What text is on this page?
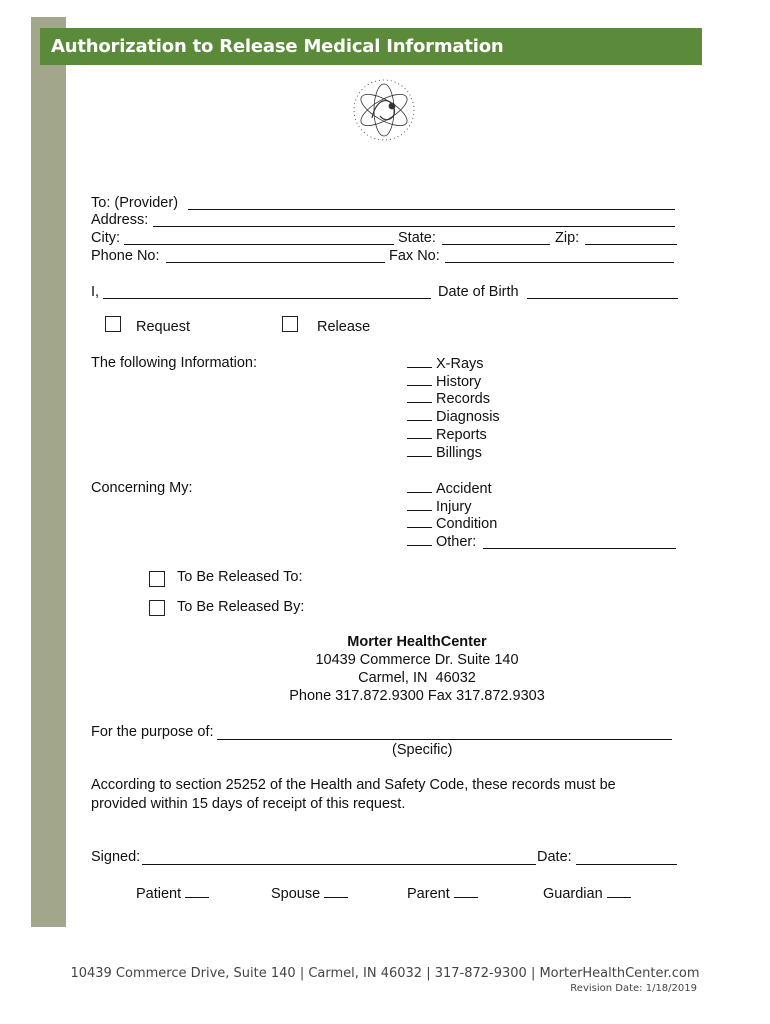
Authorization to Release Medical Information
To: (Provider)
Address:
City:	State:	Zip:
Phone No:	Fax No:
I,	Date of Birth
Request	Release
The following Information:	X-Rays
History
Records
Diagnosis
Reports
Billings
Concerning My:	Accident
Injury
Condition
Other:
To Be Released To:
To Be Released By:
Morter HealthCenter
10439 Commerce Dr. Suite 140
Carmel, IN  46032
Phone 317.872.9300 Fax 317.872.9303
For the purpose of:
(Specific)
According to section 25252 of the Health and Safety Code, these records must be
provided within 15 days of receipt of this request.
Signed:	Date:
Patient	Spouse	Parent	Guardian
10439 Commerce Drive, Suite 140 | Carmel, IN 46032 | 317-872-9300 | MorterHealthCenter.com
Revision Date: 1/18/2019
